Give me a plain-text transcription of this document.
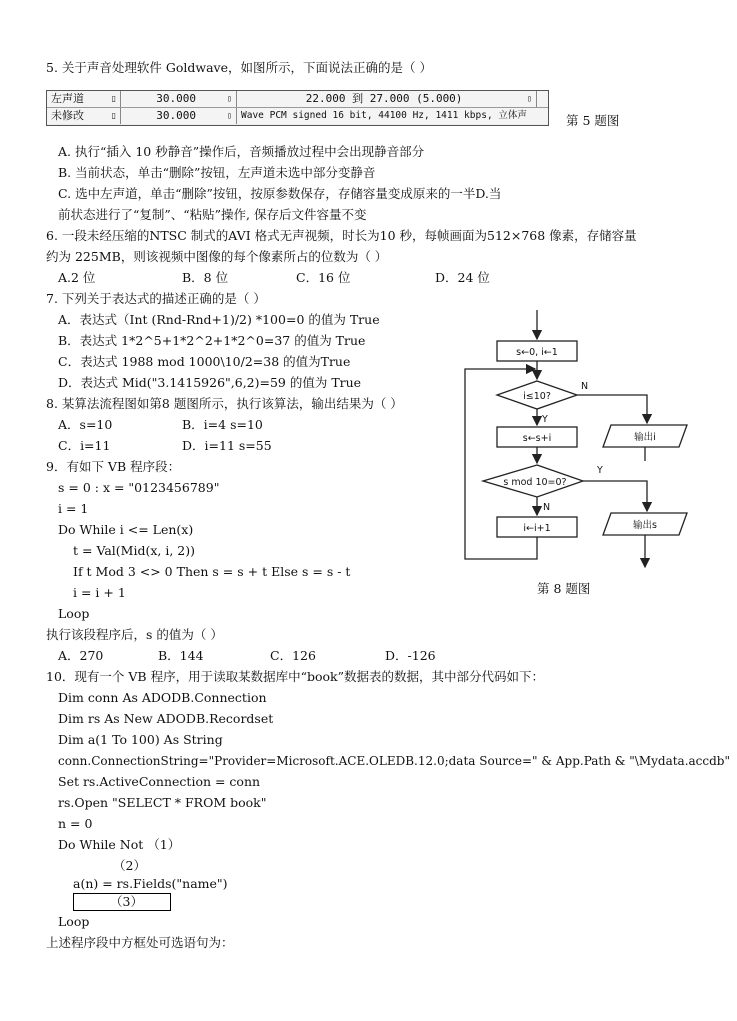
5. 关于声音处理软件 Goldwave，如图所示，下面说法正确的是（ ）
左声道	▯	30.000	▯	22.000 到 27.000 (5.000)	▯
未修改	▯	30.000	▯ Wave PCM signed 16 bit, 44100 Hz, 1411 kbps, 立体声	第 5 题图
A. 执行“插入 10 秒静音”操作后，音频播放过程中会出现静音部分
B. 当前状态，单击“删除”按钮，左声道未选中部分变静音
C. 选中左声道，单击“删除”按钮，按原参数保存，存储容量变成原来的一半D.当
前状态进行了“复制”、“粘贴”操作, 保存后文件容量不变
6. 一段未经压缩的NTSC 制式的AVI 格式无声视频，时长为10 秒，每帧画面为512×768 像素，存储容量
约为 225MB，则该视频中图像的每个像素所占的位数为（ ）
A.2 位	B．8 位	C．16 位	D．24 位
7. 下列关于表达式的描述正确的是（ ）
A．表达式（Int (Rnd-Rnd+1)/2) *100=0 的值为 True
B．表达式 1*2^5+1*2^2+1*2^0=37 的值为 True
C．表达式 1988 mod 1000\10/2=38 的值为True
D．表达式 Mid("3.1415926",6,2)=59 的值为 True
8. 某算法流程图如第8 题图所示，执行该算法，输出结果为（ ）
A．s=10	B．i=4 s=10
C．i=11	D．i=11 s=55
s←0, i←1
i≤10?
N
Y
s←s+i	输出i
s mod 10=0?
Y
N
i←i+1	输出s
第 8 题图
9．有如下 VB 程序段：
s = 0 : x = "0123456789"
i = 1
Do While i <= Len(x)
t = Val(Mid(x, i, 2))
If t Mod 3 <> 0 Then s = s + t Else s = s - t
i = i + 1
Loop
执行该段程序后，s 的值为（ ）
A．270	B．144	C．126	D．-126
10．现有一个 VB 程序，用于读取某数据库中“book”数据表的数据，其中部分代码如下：
Dim conn As ADODB.Connection
Dim rs As New ADODB.Recordset
Dim a(1 To 100) As String
conn.ConnectionString="Provider=Microsoft.ACE.OLEDB.12.0;data Source=" & App.Path & "\Mydata.accdb"
Set rs.ActiveConnection = conn
rs.Open "SELECT * FROM book"
n = 0
Do While Not （1）
（2）
a(n) = rs.Fields("name")
（3）
Loop
上述程序段中方框处可选语句为：
